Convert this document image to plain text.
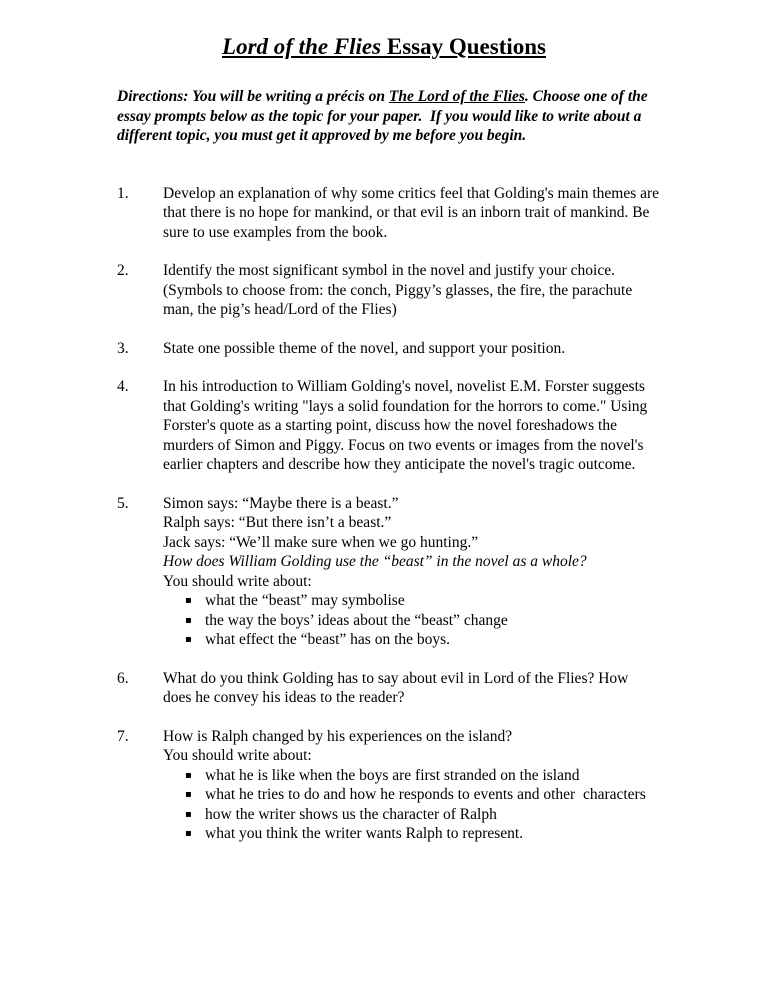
Lord of the Flies Essay Questions

Directions: You will be writing a précis on The Lord of the Flies. Choose one of the essay prompts below as the topic for your paper.  If you would like to write about a different topic, you must get it approved by me before you begin.

1.	Develop an explanation of why some critics feel that Golding's main themes are that there is no hope for mankind, or that evil is an inborn trait of mankind. Be sure to use examples from the book.
2.	Identify the most significant symbol in the novel and justify your choice. (Symbols to choose from: the conch, Piggy’s glasses, the fire, the parachute man, the pig’s head/Lord of the Flies)
3.	State one possible theme of the novel, and support your position.
4.	In his introduction to William Golding's novel, novelist E.M. Forster suggests that Golding's writing "lays a solid foundation for the horrors to come." Using Forster's quote as a starting point, discuss how the novel foreshadows the murders of Simon and Piggy. Focus on two events or images from the novel's earlier chapters and describe how they anticipate the novel's tragic outcome.
5.	Simon says: “Maybe there is a beast.”
Ralph says: “But there isn’t a beast.”
Jack says: “We’ll make sure when we go hunting.”
How does William Golding use the “beast” in the novel as a whole?
You should write about:
▪ what the “beast” may symbolise
▪ the way the boys’ ideas about the “beast” change
▪ what effect the “beast” has on the boys.
6.	What do you think Golding has to say about evil in Lord of the Flies? How does he convey his ideas to the reader?
7.	How is Ralph changed by his experiences on the island?
You should write about:
▪ what he is like when the boys are first stranded on the island
▪ what he tries to do and how he responds to events and other  characters
▪ how the writer shows us the character of Ralph
▪ what you think the writer wants Ralph to represent.
